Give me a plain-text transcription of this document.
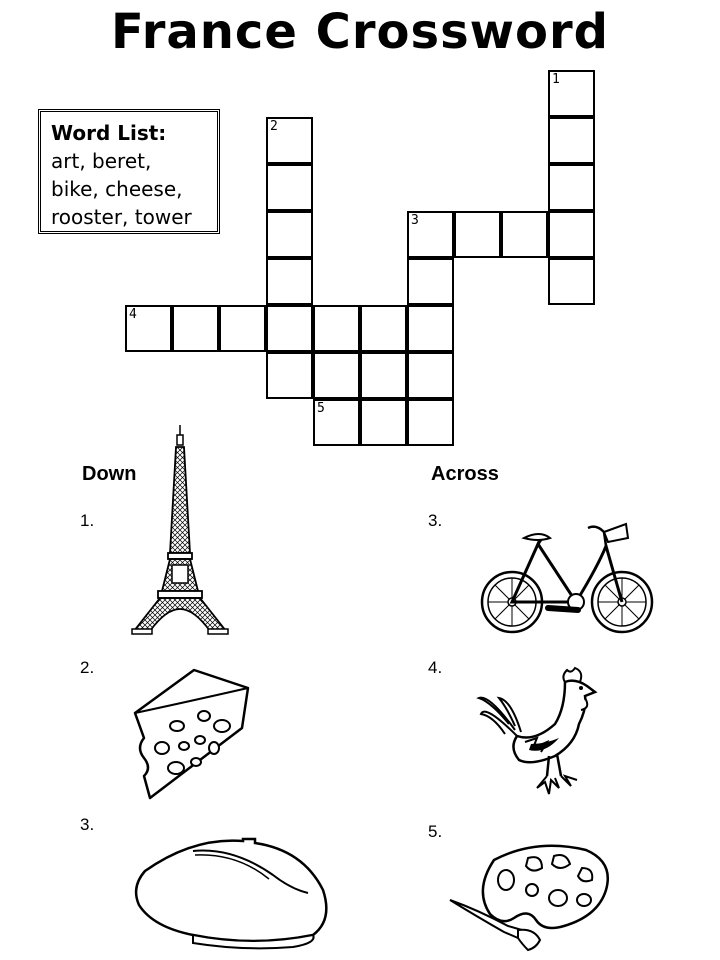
France Crossword
Word List:
art, beret,
bike, cheese,
rooster, tower
1
3
2
4
5
Down	Across
1.
2.
3.
3.
4.
5.
